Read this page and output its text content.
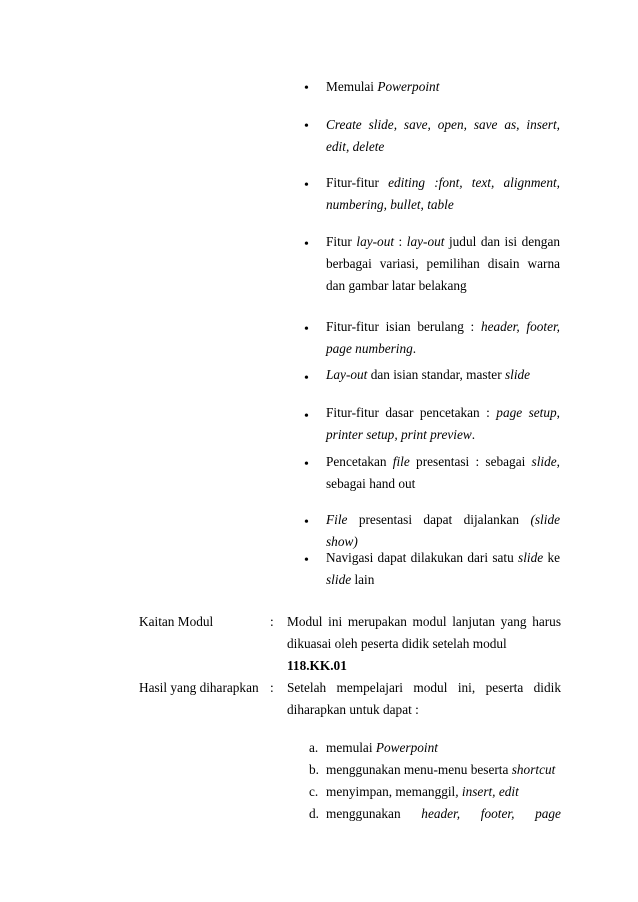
•
Memulai Powerpoint
•
Create slide, save, open, save as, insert, edit, delete
•
Fitur-fitur editing :font, text, alignment, numbering, bullet, table
•
Fitur lay-out : lay-out judul dan isi dengan berbagai variasi, pemilihan disain warna dan gambar latar belakang
•
Fitur-fitur isian berulang : header, footer, page numbering.
•
Lay-out dan isian standar, master slide
•
Fitur-fitur dasar pencetakan : page setup, printer setup, print preview.
•
Pencetakan file presentasi : sebagai slide, sebagai hand out
•
File presentasi dapat dijalankan (slide show)
•
Navigasi dapat dilakukan dari satu slide ke slide lain
Kaitan Modul	: Modul ini merupakan modul lanjutan yang harus dikuasai oleh peserta didik setelah modul
118.KK.01
Hasil yang diharapkan : Setelah mempelajari modul ini, peserta didik diharapkan untuk dapat :
a. memulai Powerpoint
b. menggunakan menu-menu beserta shortcut
c. menyimpan, memanggil, insert, edit
d. menggunakan header, footer, page
